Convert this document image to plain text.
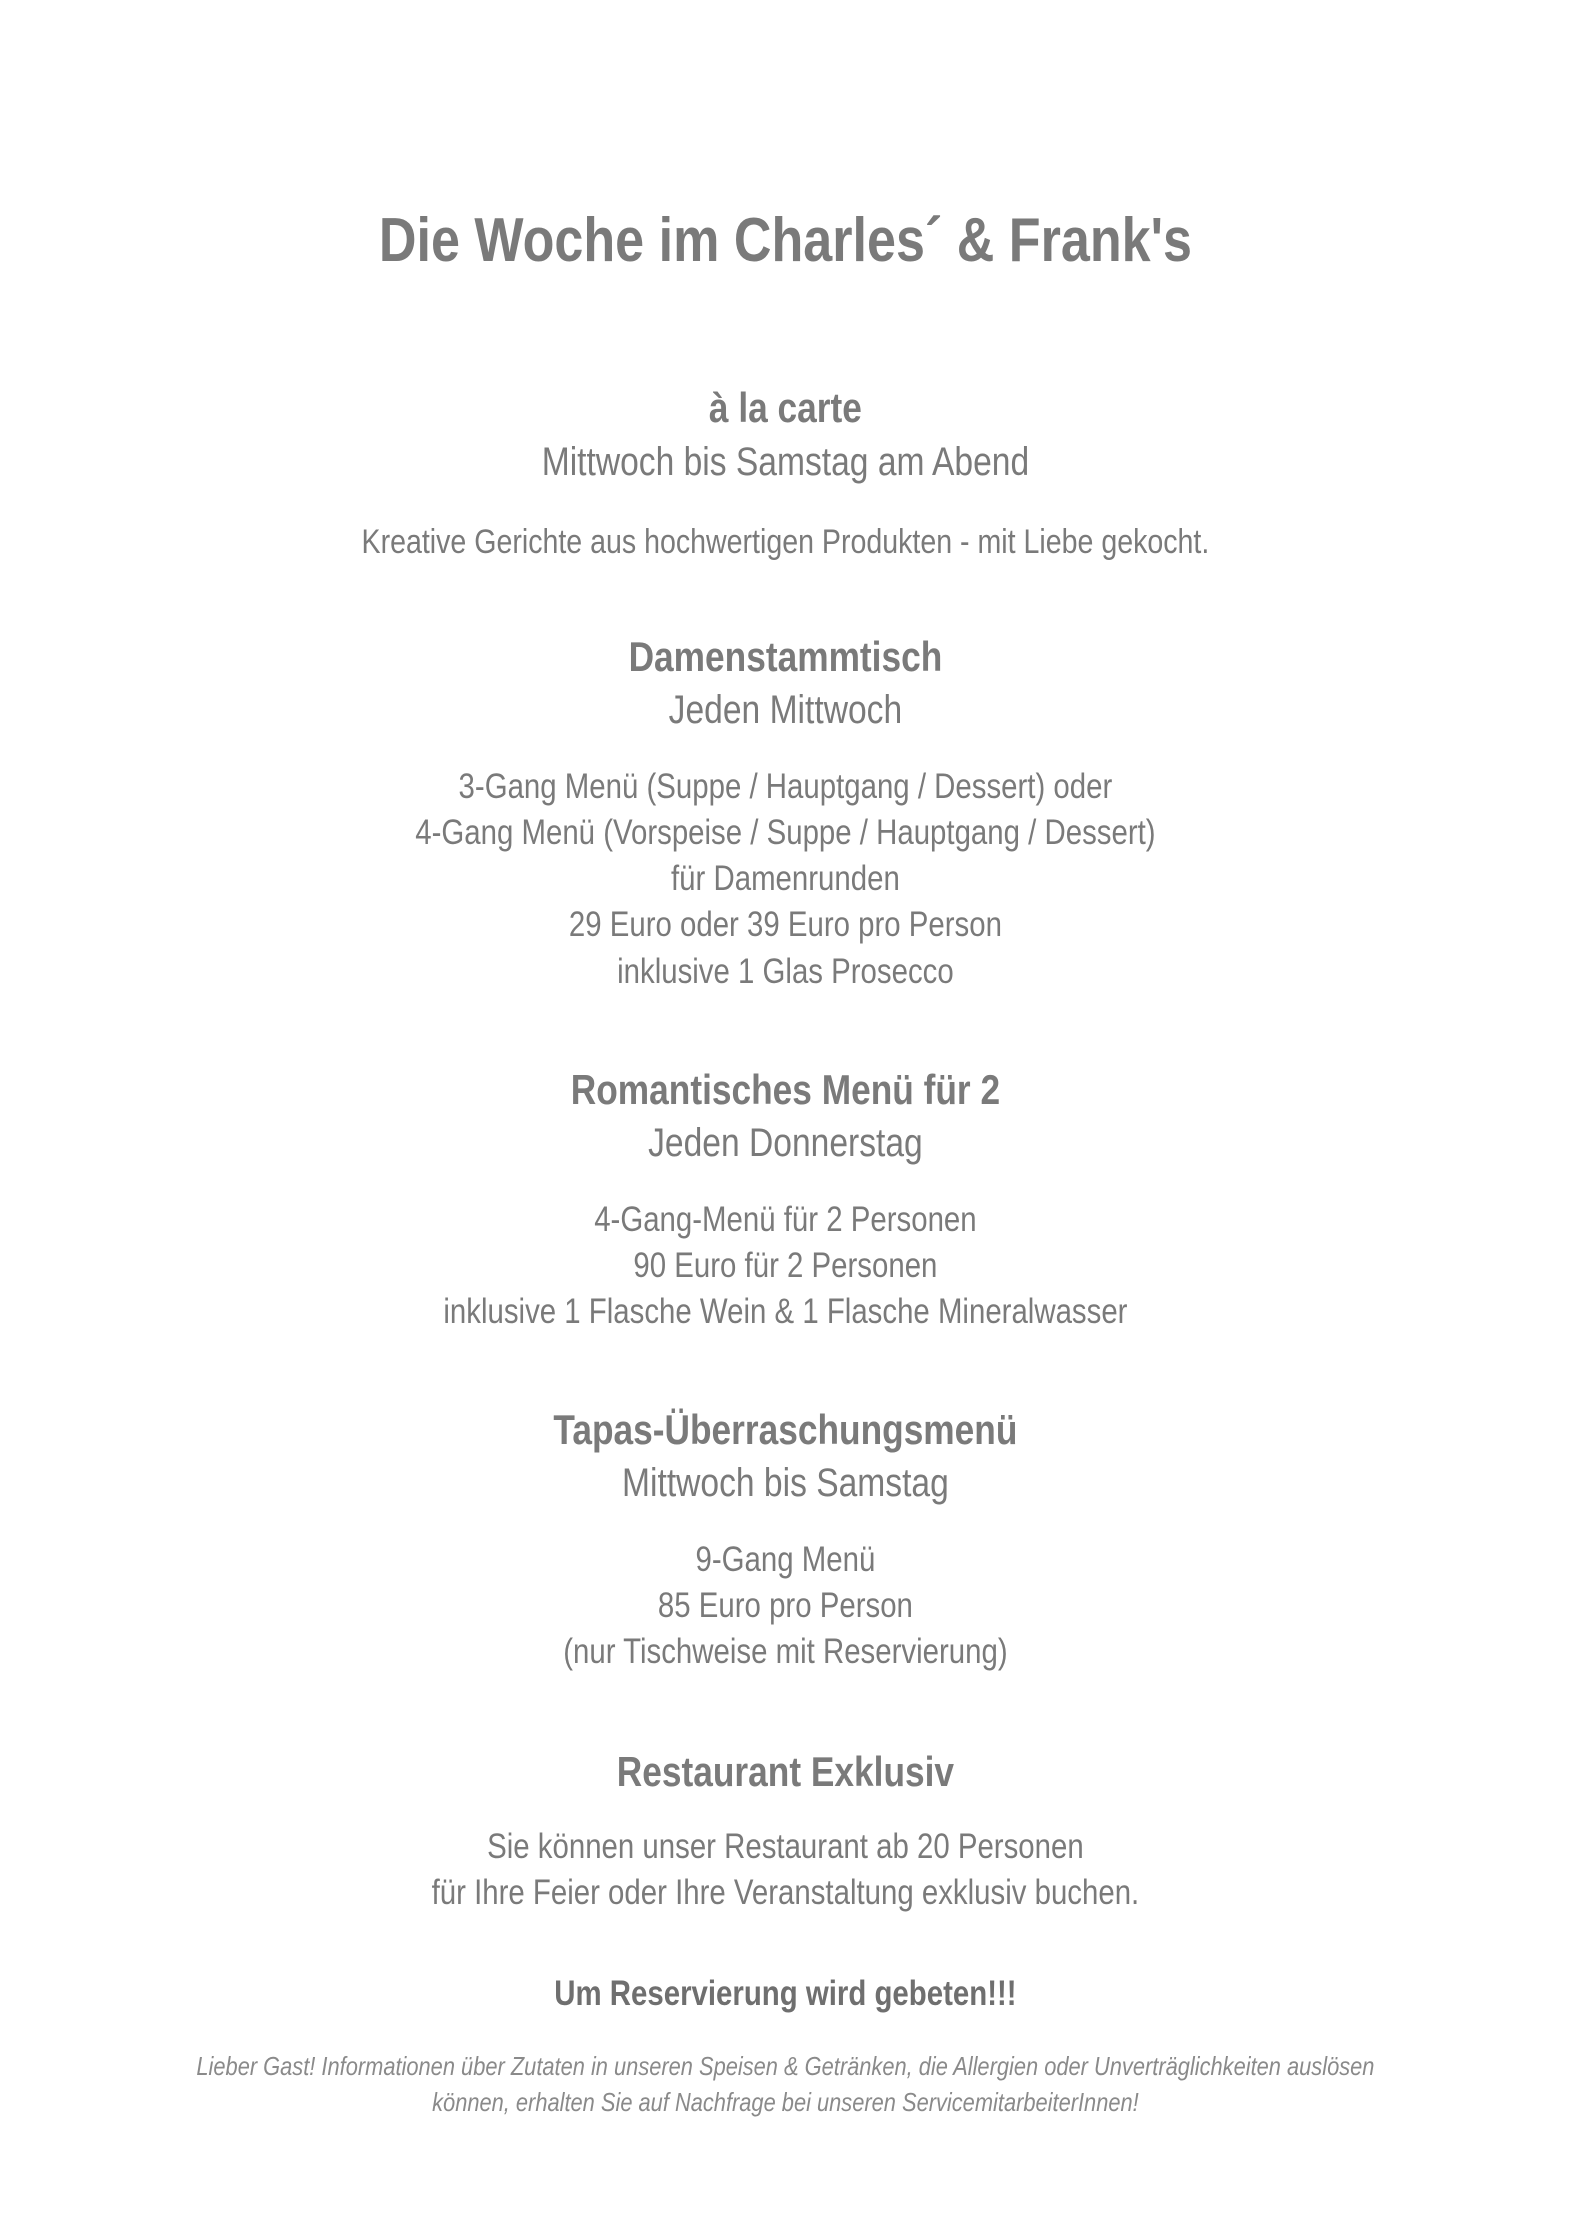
Die Woche im Charles´ & Frank's
à la carte

Mittwoch bis Samstag am Abend

Kreative Gerichte aus hochwertigen Produkten - mit Liebe gekocht.

Damenstammtisch

Jeden Mittwoch

3-Gang Menü (Suppe / Hauptgang / Dessert) oder

4-Gang Menü (Vorspeise / Suppe / Hauptgang / Dessert)

für Damenrunden

29 Euro oder 39 Euro pro Person

inklusive 1 Glas Prosecco

Romantisches Menü für 2

Jeden Donnerstag

4-Gang-Menü für 2 Personen

90 Euro für 2 Personen

inklusive 1 Flasche Wein & 1 Flasche Mineralwasser

Tapas-Überraschungsmenü

Mittwoch bis Samstag

9-Gang Menü

85 Euro pro Person

(nur Tischweise mit Reservierung)

Restaurant Exklusiv

Sie können unser Restaurant ab 20 Personen

für Ihre Feier oder Ihre Veranstaltung exklusiv buchen.

Um Reservierung wird gebeten!!!

Lieber Gast! Informationen über Zutaten in unseren Speisen & Getränken, die Allergien oder Unverträglichkeiten auslösen

können, erhalten Sie auf Nachfrage bei unseren ServicemitarbeiterInnen!
